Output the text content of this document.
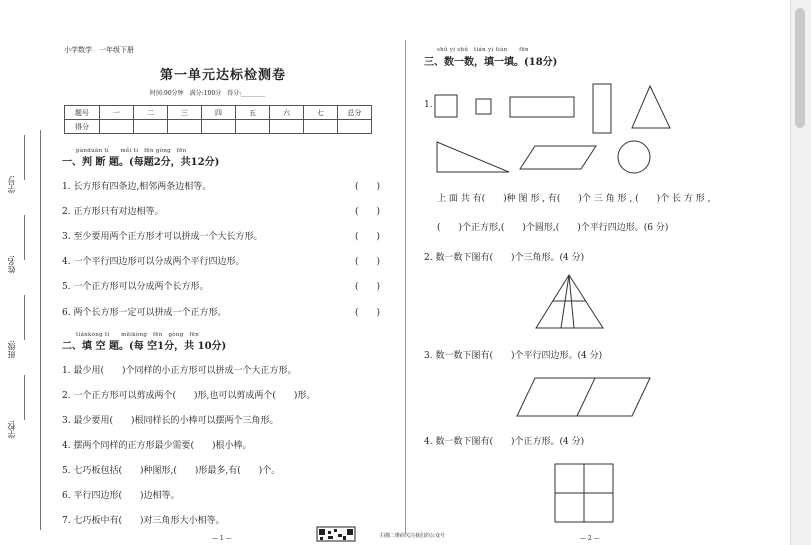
学号:
姓名:
班级:
学校:
小学数学　一年级下册
第一单元达标检测卷
时间:90分钟　满分:100分　得分:________
题号	一	二	三	四	五	六	七	总分
得分								
pànduàn tí　　měi tí　fēn gòng　fēn
一、判 断 题。(每题2分，共12分)
1. 长方形有四条边,相邻两条边相等。	(　　)
2. 正方形只有对边相等。	(　　)
3. 至少要用两个正方形才可以拼成一个大长方形。	(　　)
4. 一个平行四边形可以分成两个平行四边形。	(　　)
5. 一个正方形可以分成两个长方形。	(　　)
6. 两个长方形一定可以拼成一个正方形。	(　　)
tiánkòng tí　　měikòng　fēn　gòng　fēn
二、填 空 题。(每 空1分，共 10分)
1. 最少用(　　)个同样的小正方形可以拼成一个大正方形。
2. 一个正方形可以剪成两个(　　)形,也可以剪成两个(　　)形。
3. 最少要用(　　)根同样长的小棒可以摆两个三角形。
4. 摆两个同样的正方形最少需要(　　)根小棒。
5. 七巧板包括(　　)种图形,(　　)形最多,有(　　)个。
6. 平行四边形(　　)边相等。
7. 七巧板中有(　　)对三角形大小相等。
shǔ yi shǔ　tián yi tián　　fēn
三、数一数，填一填。(18分)
1.
上 面 共 有(　　)种 图 形 , 有(　　)个 三 角 形 , (　　)个 长 方 形 ,
(　　)个正方形,(　　)个圆形,(　　)个平行四边形。(6 分)
2. 数一数下图有(　　)个三角形。(4 分)
3. 数一数下图有(　　)个平行四边形。(4 分)
4. 数一数下图有(　　)个正方形。(4 分)
— 1 —	扫描二维码关注我们的公众号	— 2 —
